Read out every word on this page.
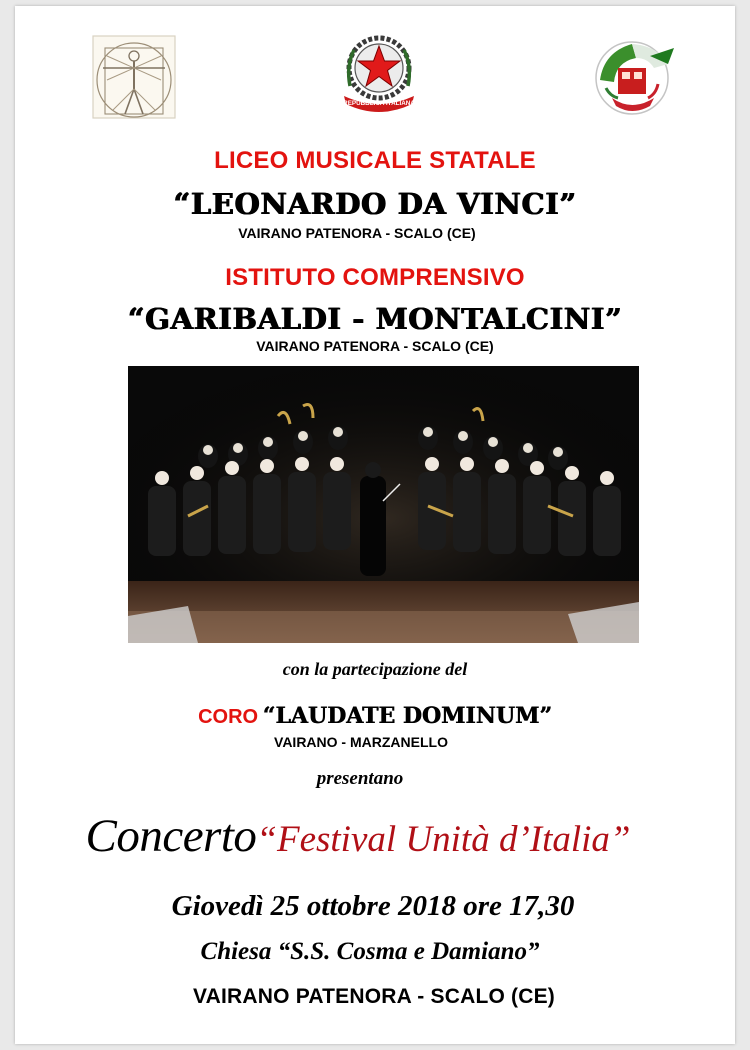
REPUBBLICA ITALIANA
LICEO MUSICALE STATALE
“LEONARDO DA VINCI”
VAIRANO PATENORA - SCALO (CE)
ISTITUTO COMPRENSIVO
“GARIBALDI - MONTALCINI”
VAIRANO PATENORA - SCALO (CE)
con la partecipazione del
CORO “LAUDATE DOMINUM”
VAIRANO - MARZANELLO
presentano
Concerto“Festival Unità d’Italia”
Giovedì 25 ottobre 2018 ore 17,30
Chiesa “S.S. Cosma e Damiano”
VAIRANO PATENORA - SCALO (CE)
